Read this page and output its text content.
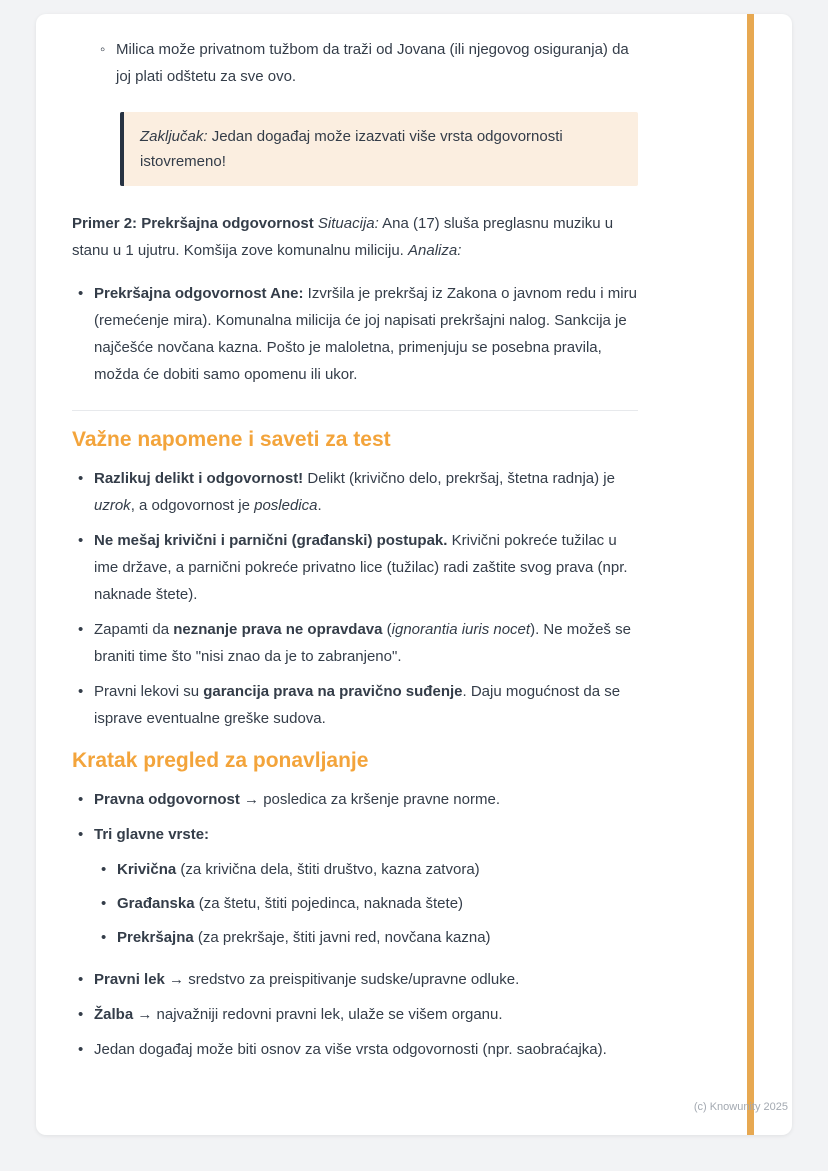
◦ Milica može privatnom tužbom da traži od Jovana (ili njegovog osiguranja) da joj plati odštetu za sve ovo.

Zaključak: Jedan događaj može izazvati više vrsta odgovornosti istovremeno!

Primer 2: Prekršajna odgovornost Situacija: Ana (17) sluša preglasnu muziku u stanu u 1 ujutru. Komšija zove komunalnu miliciju. Analiza:

• Prekršajna odgovornost Ane: Izvršila je prekršaj iz Zakona o javnom redu i miru (remećenje mira). Komunalna milicija će joj napisati prekršajni nalog. Sankcija je najčešće novčana kazna. Pošto je maloletna, primenjuju se posebna pravila, možda će dobiti samo opomenu ili ukor.

Važne napomene i saveti za test
• Razlikuj delikt i odgovornost! Delikt (krivično delo, prekršaj, štetna radnja) je uzrok, a odgovornost je posledica.

• Ne mešaj krivični i parnični (građanski) postupak. Krivični pokreće tužilac u ime države, a parnični pokreće privatno lice (tužilac) radi zaštite svog prava (npr. naknade štete).

• Zapamti da neznanje prava ne opravdava (ignorantia iuris nocet). Ne možeš se braniti time što "nisi znao da je to zabranjeno".

• Pravni lekovi su garancija prava na pravično suđenje. Daju mogućnost da se isprave eventualne greške sudova.

Kratak pregled za ponavljanje
• Pravna odgovornost → posledica za kršenje pravne norme.

• Tri glavne vrste:

• Krivična (za krivična dela, štiti društvo, kazna zatvora)

• Građanska (za štetu, štiti pojedinca, naknada štete)

• Prekršajna (za prekršaje, štiti javni red, novčana kazna)

• Pravni lek → sredstvo za preispitivanje sudske/upravne odluke.

• Žalba → najvažniji redovni pravni lek, ulaže se višem organu.

• Jedan događaj može biti osnov za više vrsta odgovornosti (npr. saobraćajka).

(c) Knowunity 2025
